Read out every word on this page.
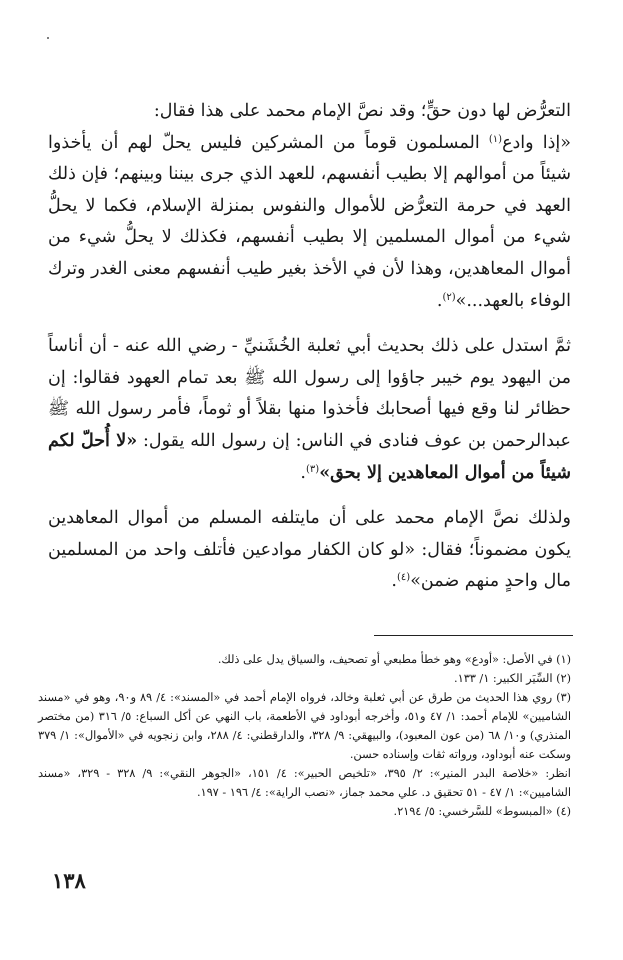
التعرُّض لها دون حقٍّ؛ وقد نصَّ الإمام محمد على هذا فقال:

«إذا وادع$^{(١)}$ المسلمون قوماً من المشركين فليس يحلّ لهم أن يأخذوا شيئاً من أموالهم إلا بطيب أنفسهم، للعهد الذي جرى بيننا وبينهم؛ فإن ذلك العهد في حرمة التعرُّض للأموال والنفوس بمنزلة الإسلام، فكما لا يحلُّ شيء من أموال المسلمين إلا بطيب أنفسهم، فكذلك لا يحلُّ شيء من أموال المعاهدين، وهذا لأن في الأخذ بغير طيب أنفسهم معنى الغدر وترك الوفاء بالعهد...»$^{(٢)}$.

ثمَّ استدل على ذلك بحديث أبي ثعلبة الخُشَنيِّ - رضي الله عنه - أن أناساً من اليهود يوم خيبر جاؤوا إلى رسول الله ﷺ بعد تمام العهود فقالوا: إن حظائر لنا وقع فيها أصحابك فأخذوا منها بقلاً أو ثوماً، فأمر رسول الله ﷺ عبدالرحمن بن عوف فنادى في الناس: إن رسول الله يقول: «لا أُحلّ لكم شيئاً من أموال المعاهدين إلا بحق»$^{(٣)}$.

ولذلك نصَّ الإمام محمد على أن مايتلفه المسلم من أموال المعاهدين يكون مضموناً؛ فقال: «لو كان الكفار موادعين فأتلف واحد من المسلمين مال واحدٍ منهم ضمن»$^{(٤)}$.

(١) في الأصل: «أودع» وهو خطأ مطبعي أو تصحيف، والسياق يدل على ذلك.

(٢) السِّيَر الكبير: ١/ ١٣٣.

(٣) روي هذا الحديث من طرق عن أبي ثعلبة وخالد، فرواه الإمام أحمد في «المسند»: ٤/ ٨٩ و٩٠، وهو في «مسند الشاميين» للإمام أحمد: ١/ ٤٧ و٥١، وأخرجه أبوداود في الأطعمة، باب النهي عن أكل السباع: ٥/ ٣١٦ (من مختصر المنذري) و١٠/ ٦٨ (من عون المعبود)، والبيهقي: ٩/ ٣٢٨، والدارقطني: ٤/ ٢٨٨، وابن زنجويه في «الأموال»: ١/ ٣٧٩ وسكت عنه أبوداود، ورواته ثقات وإسناده حسن.

انظر: «خلاصة البدر المنير»: ٢/ ٣٩٥، «تلخيص الحبير»: ٤/ ١٥١، «الجوهر النقي»: ٩/ ٣٢٨ - ٣٢٩، «مسند الشاميين»: ١/ ٤٧ - ٥١ تحقيق د. علي محمد جماز، «نصب الراية»: ٤/ ١٩٦ - ١٩٧.

(٤) «المبسوط» للسَّرخسي: ٥/ ٢١٩٤.

١٣٨
